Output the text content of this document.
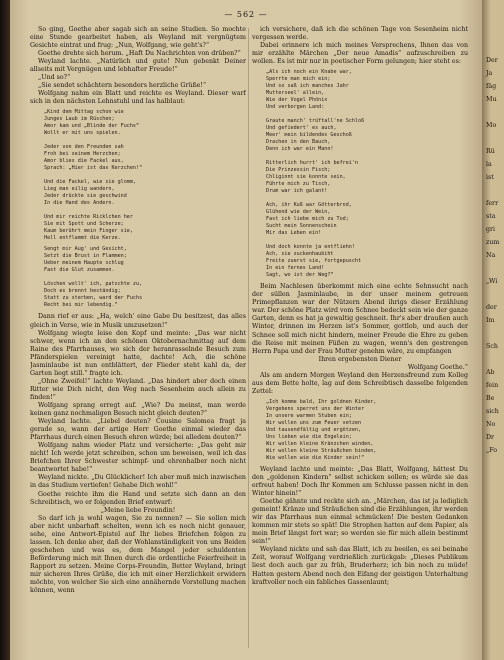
— 562 —

So ging, Goethe aber sagab sich an seine Studien. So mochte eine Stunde gearbeitet haben, als Weyland mit vergnügtem Gesichte eintrat und frug: „Nun, Wolfgang, wie geht's?“

Goethe drehte sich herum. „Haft Du Nachrichten von drüben?“

Weyland lachte. „Natürlich und gute! Nun gebenkt Deiner allseits mit Vergnügen und lebhafter Freude!“

„Und so?“

„Sie sendet schächtern besonders herzliche Grüße!“

Wolfgang nahm ein Blatt und reichte es Weyland. Dieser warf sich in den nächsten Lehnstuhl und las halblaut:

„Kind dem Mittag schon wie
Junges Laub im Rüschen;
Amor kam und „Blinde der Fuchs“
Wollt er mit uns spielen.

Jeder von den Freunden sah
Froh bei seinem Herzchen;
Amor blies die Fackel aus,
Sprach: „Hier ist das Kerzchen!“

Und die Fackel, wie sie glomm,
Lieg man eilig wandern,
Jeder drückte sie geschwind
In die Hand des Andern.

Und mir reichte Ricklchen her
Sie mit Spott und Scherze;
Kaum berührt mein Finger sie,
Hell entflammt die Kerze.
Sengt mir Aug' und Gesicht,
Setzt die Brust in Flammen;
Ueber meinem Haupte schlug
Fast die Glut zusammen.

Löschen wollt' ich, patschte zu,
Doch es brennt beständig;
Statt zu sterben, ward der Fuchs
Recht bei mir lebendig.“

Dann rief er aus: „Ha, welch' eine Gabe Du besitzest, das alles gleich in Verse, wie in Musik umzusetzen!“

Wolfgang wiegte leise den Kopf und meinte: „Das war nicht schwer, wenn ich an den schönen Oktobernachmittag auf dem Raine des Pfarrhauses, wo sich der heranrasselnde Besuch zum Pfänderspielen vereinigt hatte, dachte! Ach, die schöne Jasminlaube ist nun entblättert, der Flieder steht kahl da, der Garten liegt still.“ fragte ich.

„Ohne Zweifel!“ lachte Weyland. „Das hindert aber doch einen Ritter wie Dich nicht, den Weg nach Sesenheim auch allein zu finden!“

Wolfgang sprang erregt auf. „Wie? Du meinst, man werde keinen ganz nochmaligen Besuch nicht gleich deuten?“

Weyland lachte. „Liebel deuten? Cousine Salomea fragt ja gerade so, wann der artige Herr Goethe einmal wieder das Pfarrhaus durch einen Besuch ehren würde; bei alledem deuten?“

Wolfgang nahm wieder Platz und versicherte: „Das geht mir nicht! Ich werde jetzt schreiben, schon um beweisen, weil ich das Briefchen Ihrer Schwester schimpf- und ehrenhalber noch nicht beantwortet habe!“

Weyland nickte. „Du Glücklicher! Ich aber muß mich inzwischen in das Studium vertiefen! Gehabe Dich wohl!“

Goethe reichte ihm die Hand und setzte sich dann an den Schreibtisch, wo er folgenden Brief entwarf:

„Meine liebe Freundin!

So darf ich ja wohl wagen, Sie zu nennen? — Sie sollen mich aber nicht unbarhaft schelten, wenn ich es noch nicht genauer, sehe, eine Antwort-Epistel auf Ihr liebes Briefchen folgen zu lassen. Ich denke aber, daß der Wohlanständigkeit von uns Beiden geschehen und was es, dem Mangel jeder schuldenten Beförderung mich mit Ihnen durch die ordentliche Feierfreiheit in Rapport zu setzen. Meine Corps-Freundin, Better Weyland, bringt mir sicheren Ihres Grüße, die ich mit einer Herzlichkeit erwidern möchte, von welcher Sie sich eine annähernde Vorstellung machen können, wenn

ich versichere, daß ich die schönen Tage von Sesenheim nicht vergessen werde.

Dabei erinnere ich mich meines Versprechens, Ihnen das von mir erzählte Märchen „Der neue Amadis“ aufzuschreiben zu wollen. Es ist mir nur in poetischer Form gelungen; hier steht es:

„Als ich noch ein Knabe war,
Sperrte man mich ein;
Und so saß ich manches Jahr
Mutterseel' allein,
Wie der Vogel Phönix
Und verborgen Land:

Graute manch' trüftall'ne Schloß
Und gefiedert' es auch,
Meer' mein bildendes Geschoß
Drachen in den Bauch,
Denn ich war ein Mann!

Ritterlich hurrt' ich befrei'n
Die Prinzessin Fisch;
Chliginnt sie konnte sein,
Führte mich zu Tisch,
Drum war ich galant!

Ach, ihr Kuß war Götterbrod,
Glühend wie der Wein,
Fast ich liebe mich zu Tod;
Sucht mein Sonnenschein
Mir das Leben ein!

Und doch konnte ja entfliehn!
Ach, sie zuckenhaubiht
Freite zuerst sie, fortgepuscht
In ein fernes Land!
Sagt, wo ist der Weg?“

Beim Nachlesen überkommt mich eine echte Sehnsucht nach der süllen Jasminlaube, in der unser meinem getreuen Primepflanzen war der Nützern Abend ihrigs dieser Erzählung war. Der schöne Platz wird vom Schnee bedeckt sein wie der ganze Garten, denn es hat ja gewaltig geschneit. Ihr's aber draußen auch Winter, drinnen im Herzen ist's Sommer, gottlob, und auch der Schnee soll mich nicht hindern, meiner Freude die Ehre zu geben die Reise mit meinen Füßen zu wagen, wenn's den gestrengen Herrn Papa und der Frau Mutter genehm wäre, zu empfangen

Ihren ergebensten Diener

Wolfgang Goethe.“

Als am andern Morgen Weyland den Herzensfreund zum Kolleg aus dem Bette holte, lag auf dem Schreibtisch dasselbe folgenden Zettel:

„Ich komme bald, Ihr goldnen Kinder,
Vergebens sperret uns der Winter
In unsere warmen Stuben ein;
Wir wollen uns zum Feuer setzen
Und tausendfältig und ergötzen,
Uns lieben wie die Engelein;
Wir wollen kleine Kränzchen winden,
Wir wollen kleine Sträußchen binden,
Wie wollen wie die Kinder sein!“

Weyland lachte und meinte: „Das Blatt, Wolfgang, hättest Du den „goldenen Kindern“ selbst schicken sollen; es würde sie das erfreut haben! Doch Ihr Kommen am Schlusse passen nicht in den Winter hinein!“

Goethe gähnte und reckte sich an. „Märchen, das ist ja lediglich gemeint! Kränze und Sträußchen sind die Erzählungen, ihr werden wir das Pfarrhaus nun einmal schmücken! Die besten Gedanken kommen mir stets so spät! Die Strophen hatten auf dem Papier, als mein Brief längst fort war; so werden sie für mich allein bestimmt sein!“

Weyland nickte und sah das Blatt, ich zu beeilen, es sei beinahe Zeit, worauf Wolfgang verdrießlich zurückgab: „Dieses Publikum liest doch auch gar zu früh, Bruderherz; ich bin noch zu müde! Hatten gestern Abend noch den Eifang der geistigen Unterhaltung kraftvoller noch ein fabliches Gassenlaunt;

Der
Ja
fäg
Mu

Mo

Rü
la
ist

ferr
sta
gri
zum
Na

„Wi

der
Im

Sch

Ab
fein
Be
sich
No
Dr
„Fo
